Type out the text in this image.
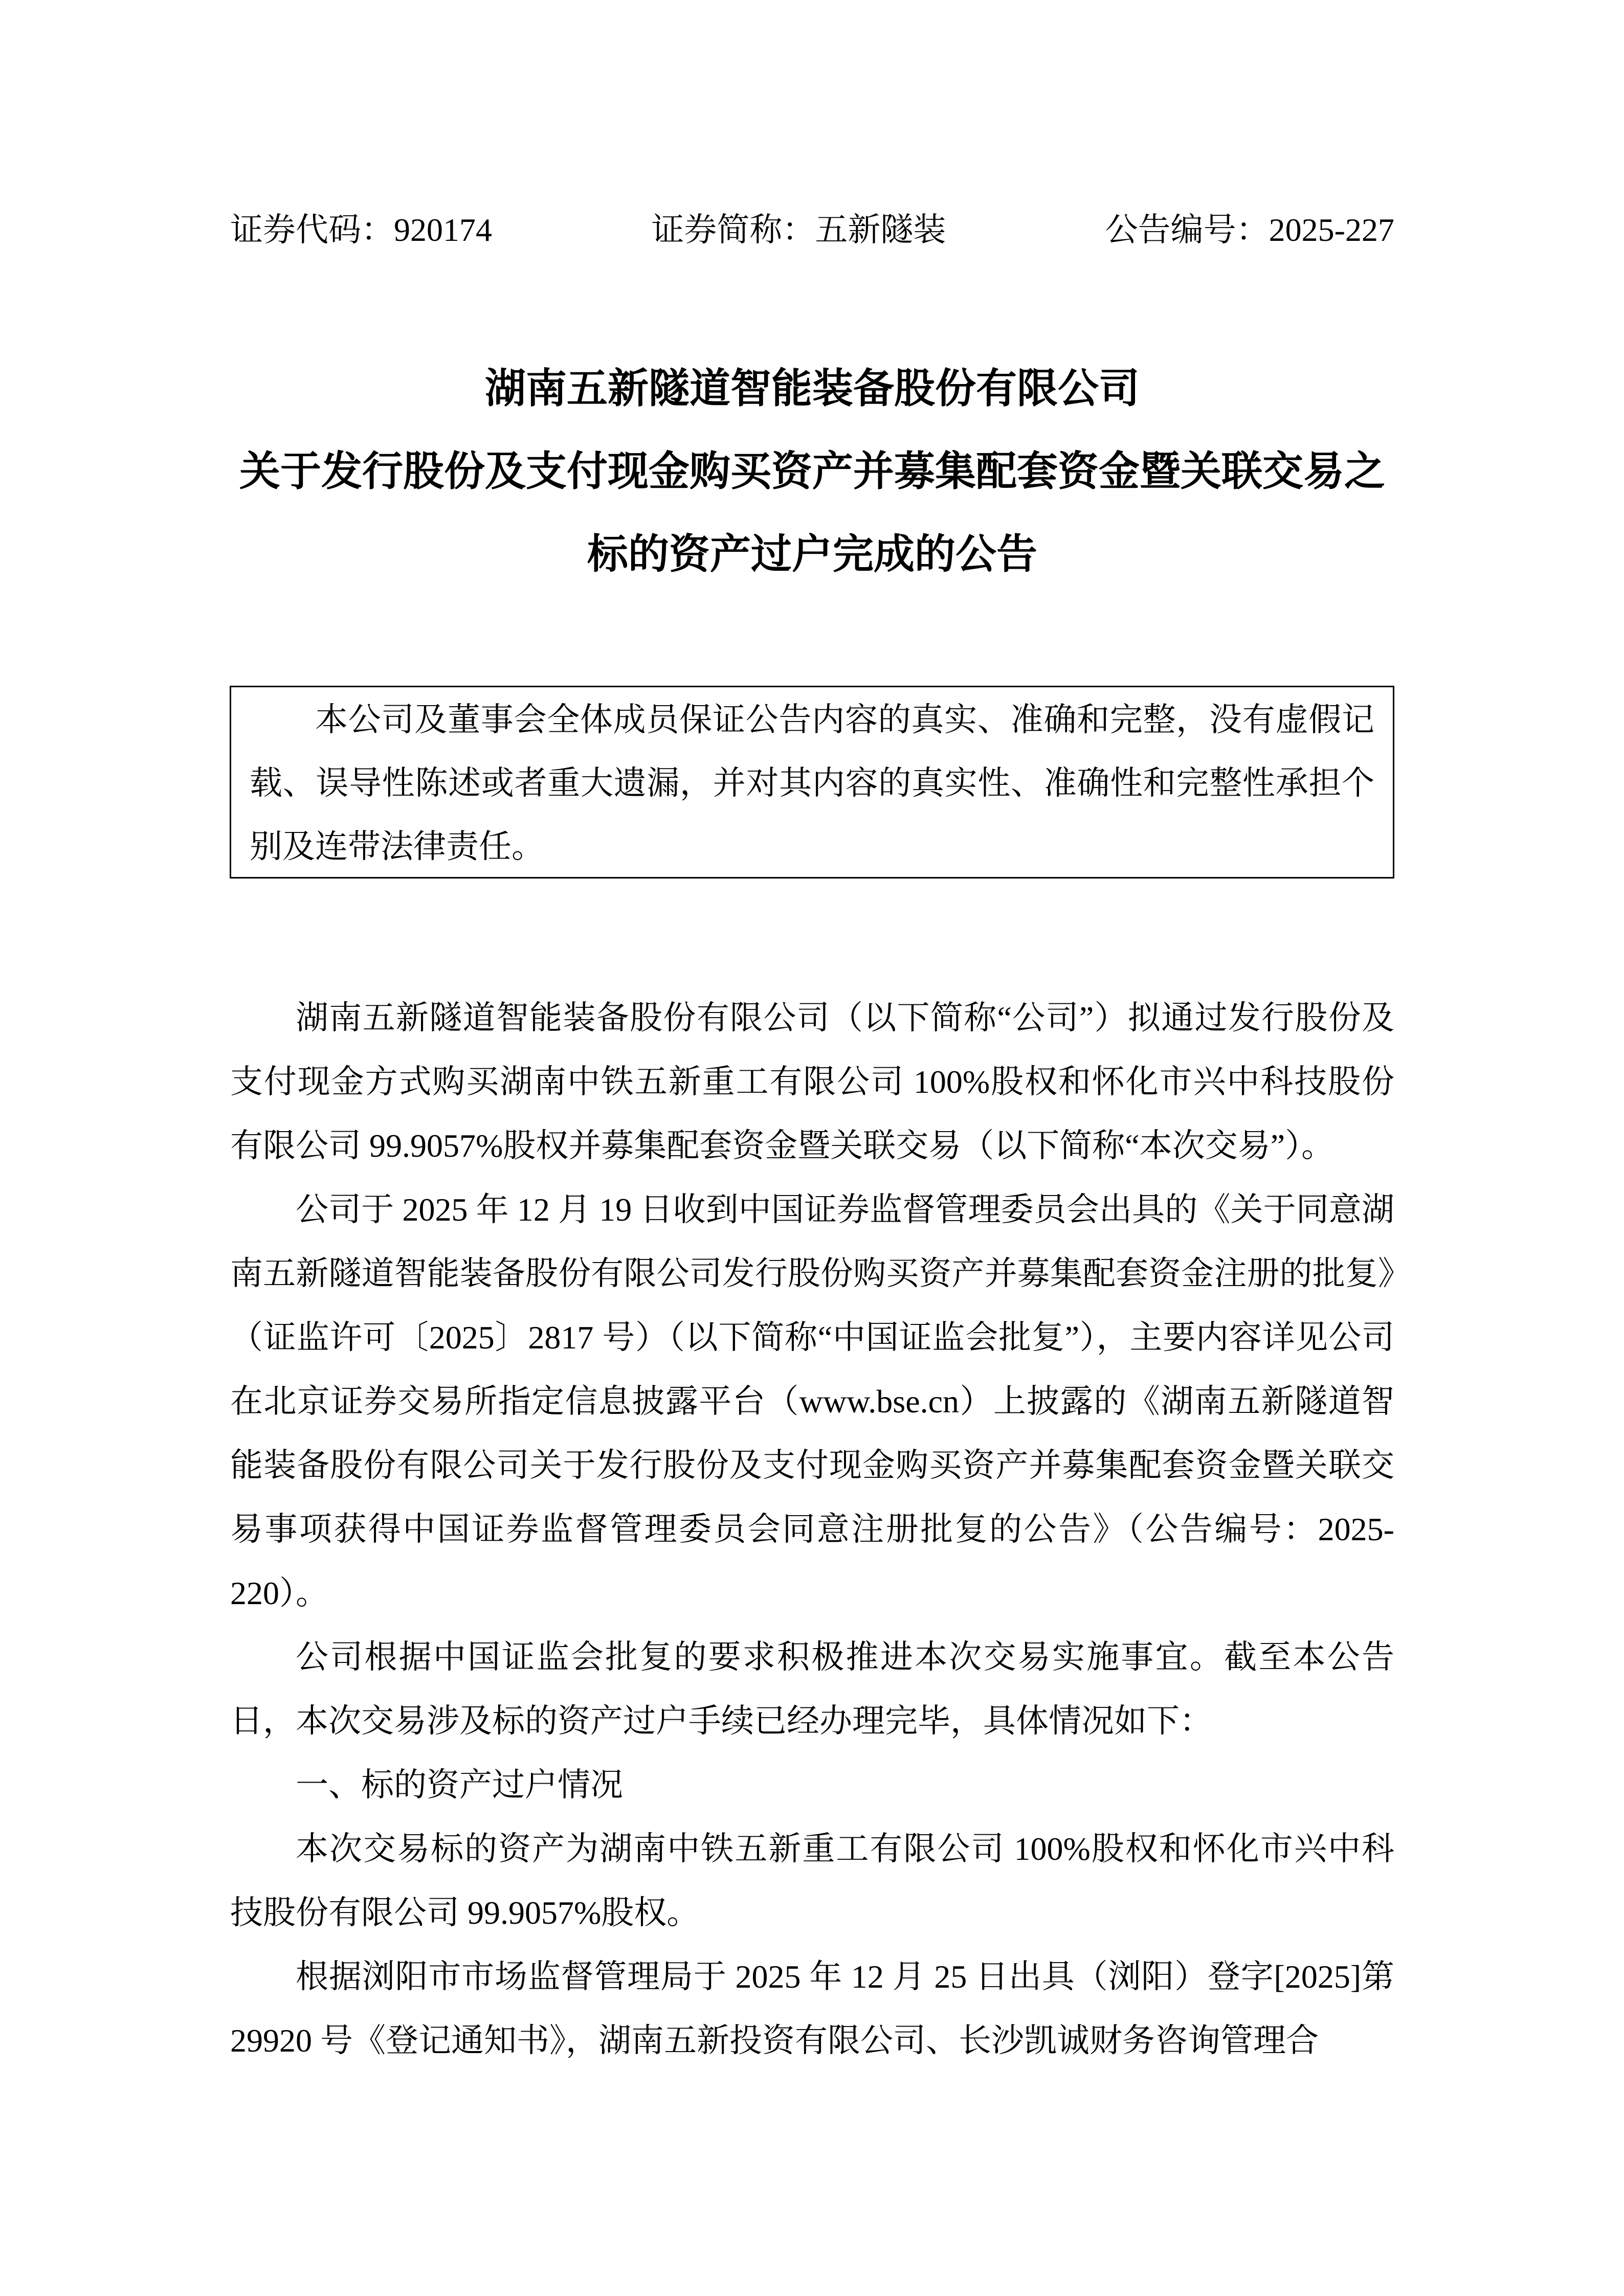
证券代码：920174	证券简称：五新隧装	公告编号：2025-227
湖南五新隧道智能装备股份有限公司
关于发行股份及支付现金购买资产并募集配套资金暨关联交易之
标的资产过户完成的公告

本公司及董事会全体成员保证公告内容的真实、准确和完整，没有虚假记载、误导性陈述或者重大遗漏，并对其内容的真实性、准确性和完整性承担个别及连带法律责任。

湖南五新隧道智能装备股份有限公司（以下简称“公司”）拟通过发行股份及支付现金方式购买湖南中铁五新重工有限公司 100%股权和怀化市兴中科技股份有限公司 99.9057%股权并募集配套资金暨关联交易（以下简称“本次交易”）。

公司于 2025 年 12 月 19 日收到中国证券监督管理委员会出具的《关于同意湖南五新隧道智能装备股份有限公司发行股份购买资产并募集配套资金注册的批复》（证监许可〔2025〕2817 号）（以下简称“中国证监会批复”），主要内容详见公司在北京证券交易所指定信息披露平台（www.bse.cn）上披露的《湖南五新隧道智能装备股份有限公司关于发行股份及支付现金购买资产并募集配套资金暨关联交易事项获得中国证券监督管理委员会同意注册批复的公告》（公告编号：2025-220）。

公司根据中国证监会批复的要求积极推进本次交易实施事宜。截至本公告日，本次交易涉及标的资产过户手续已经办理完毕，具体情况如下：

一、标的资产过户情况

本次交易标的资产为湖南中铁五新重工有限公司 100%股权和怀化市兴中科技股份有限公司 99.9057%股权。

根据浏阳市市场监督管理局于 2025 年 12 月 25 日出具（浏阳）登字[2025]第 29920 号《登记通知书》，湖南五新投资有限公司、长沙凯诚财务咨询管理合
